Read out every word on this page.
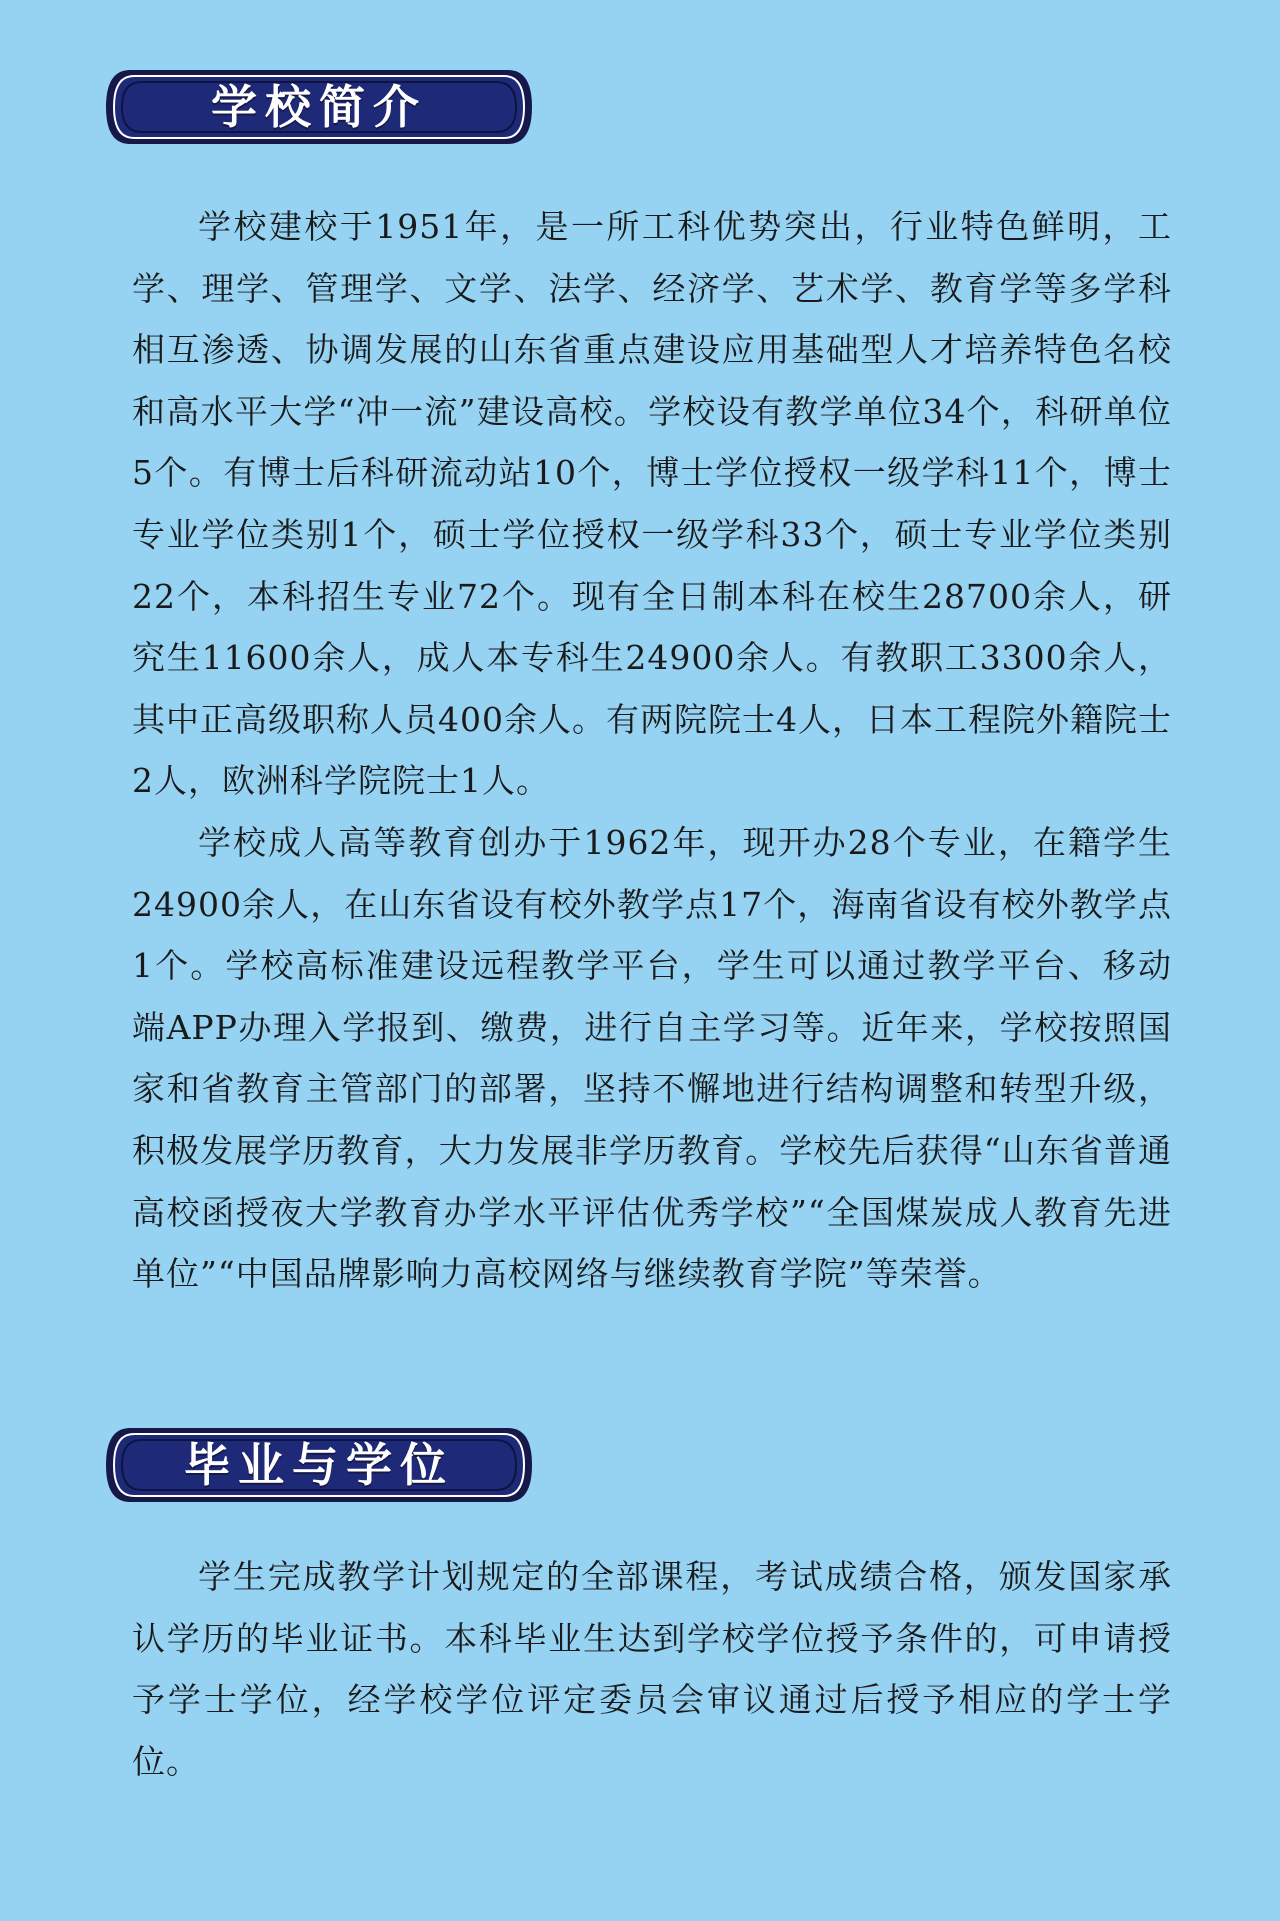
学校简介

学校建校于1951年，是一所工科优势突出，行业特色鲜明，工学、理学、管理学、文学、法学、经济学、艺术学、教育学等多学科相互渗透、协调发展的山东省重点建设应用基础型人才培养特色名校和高水平大学“冲一流”建设高校。学校设有教学单位34个，科研单位5个。有博士后科研流动站10个，博士学位授权一级学科11个，博士专业学位类别1个，硕士学位授权一级学科33个，硕士专业学位类别22个，本科招生专业72个。现有全日制本科在校生28700余人，研究生11600余人，成人本专科生24900余人。有教职工3300余人，其中正高级职称人员400余人。有两院院士4人，日本工程院外籍院士2人，欧洲科学院院士1人。

学校成人高等教育创办于1962年，现开办28个专业，在籍学生24900余人，在山东省设有校外教学点17个，海南省设有校外教学点1个。学校高标准建设远程教学平台，学生可以通过教学平台、移动端APP办理入学报到、缴费，进行自主学习等。近年来，学校按照国家和省教育主管部门的部署，坚持不懈地进行结构调整和转型升级，积极发展学历教育，大力发展非学历教育。学校先后获得“山东省普通高校函授夜大学教育办学水平评估优秀学校”“全国煤炭成人教育先进单位”“中国品牌影响力高校网络与继续教育学院”等荣誉。

毕业与学位

学生完成教学计划规定的全部课程，考试成绩合格，颁发国家承认学历的毕业证书。本科毕业生达到学校学位授予条件的，可申请授予学士学位，经学校学位评定委员会审议通过后授予相应的学士学位。
